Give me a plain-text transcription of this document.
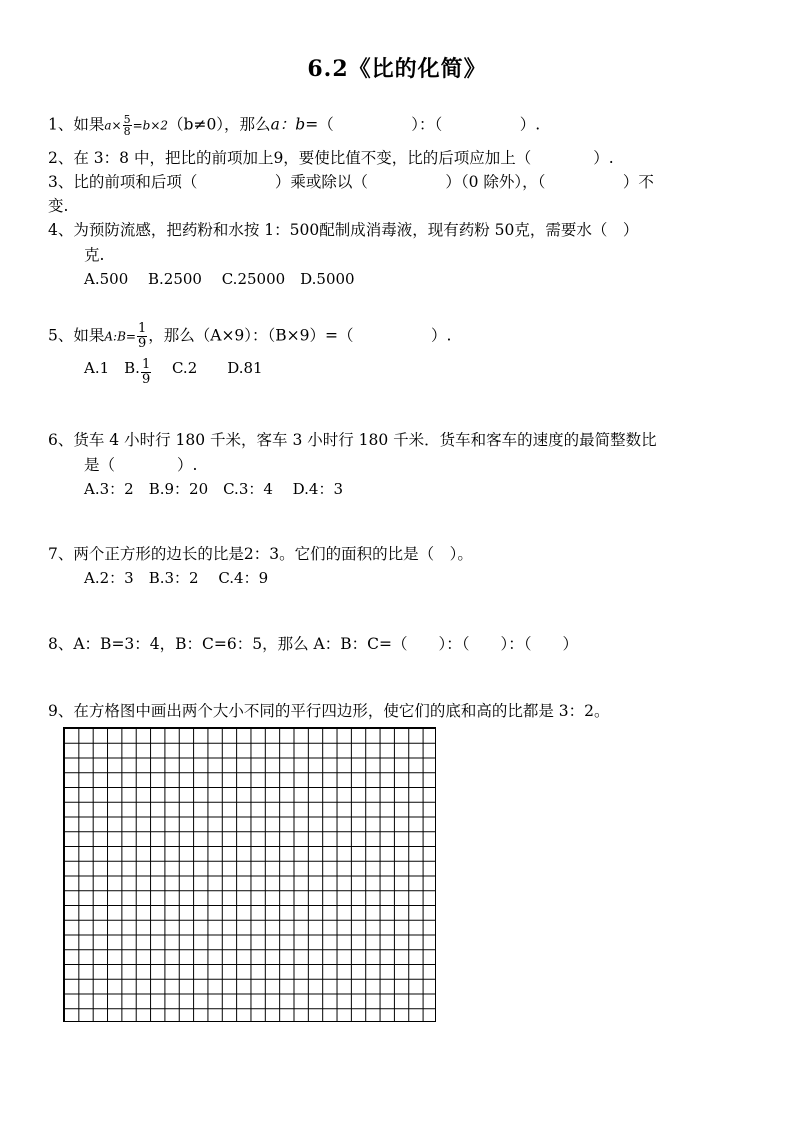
6.2《比的化简》
1、如果$a\times \frac{5}{8} =b\times 2(b\ne 0)$，那么a：b=（　　　　　）：（　　　　　）.
2、在 3：8 中，把比的前项加上9，要使比值不变，比的后项应加上（　　　　）.
3、比的前项和后项（　　　　　）乘或除以（　　　　　）（0 除外），（　　　　　）不
变.
4、为预防流感，把药粉和水按 1：500配制成消毒液，现有药粉 50克，需要水（　）
克.
A.500　 B.2500　 C.25000　D.5000
5、如果A:B= $\frac{1}{9}$ ，那么（A×9）：（B×9）=（　　　　　）.
A.1　B. $\frac{1}{9}$ 　 C.2　　D.81
6、货车 4 小时行 180 千米，客车 3 小时行 180 千米．货车和客车的速度的最简整数比
是（　　　　）.
A.3：2　B.9：20　C.3：4　 D.4：3
7、两个正方形的边长的比是2：3。它们的面积的比是（　）。
A.2：3　B.3：2　 C.4：9
8、A：B=3：4，B：C=6：5，那么 A：B：C=（　　）：（　　）：（　　）
9、在方格图中画出两个大小不同的平行四边形，使它们的底和高的比都是 3：2。
